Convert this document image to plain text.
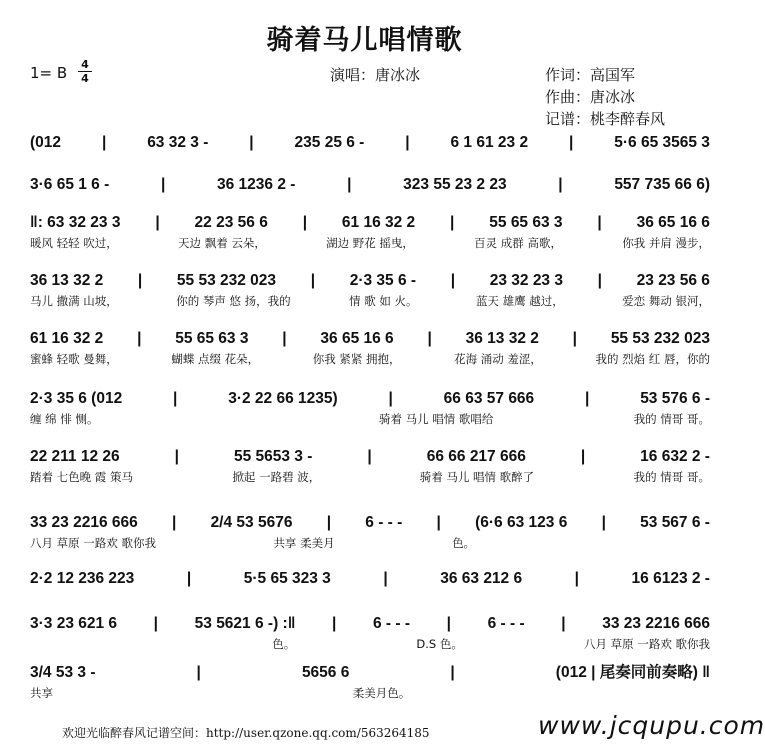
骑着马儿唱情歌
1= B 4
4	演唱：唐冰冰	作词：高国军
作曲：唐冰冰
记谱：桃李醉春风
(012	|	63 32 3 -	|	235 25 6 -	|	6 1 61 23 2	|	5·6 65 3565 3
3·6 65 1 6 -	|	36 1236 2 -	|	323 55 23 2 23	|	557 735 66 6)
‖: 63 32 23 3 | 22 23 56 6 | 61 16 32 2 | 55 65 63 3 | 36 65 16 6
暖风 轻轻 吹过，	天边 飘着 云朵，	湖边 野花 摇曳，	百灵 成群 高歌，	你我 并肩 漫步，
36 13 32 2 | 55 53 232 023 | 2·3 35 6 - | 23 32 23 3 | 23 23 56 6
马儿 撒满 山坡，	你的 琴声 悠 扬，我的	情 歌 如 火。	蓝天 雄鹰 越过，	爱恋 舞动 银河，
61 16 32 2 | 55 65 63 3 | 36 65 16 6 | 36 13 32 2 | 55 53 232 023
蜜蜂 轻歌 曼舞，	蝴蝶 点缀 花朵，	你我 紧紧 拥抱，	花海 涌动 羞涩，	我的 烈焰 红 唇，你的
2·3 35 6 (012	|	3·2 22 66 1235)	|	66 63 57 666	|	53 576 6 -
缠 绵 悱 恻。	骑着 马儿 唱情 歌唱给	我的 情哥 哥。
22 211 12 26	|	55 5653 3 -	|	66 66 217 666	|	16 632 2 -
踏着 七色晚 霞 策马	掀起 一路碧 波，	骑着 马儿 唱情 歌醉了	我的 情哥 哥。
33 23 2216 666 | 2/4 53 5676 | 6 - - - | (6·6 63 123 6 | 53 567 6 -
八月 草原 一路欢 歌你我	共享 柔美月	色。
2·2 12 236 223	|	5·5 65 323 3	|	36 63 212 6	|	16 6123 2 -
3·3 23 621 6 | 53 5621 6 -) :‖ | 6 - - - | 6 - - - | 33 23 2216 666
色。	D.S 色。	八月 草原 一路欢 歌你我
3/4 53 3 -	|	5656 6	|	(012 | 尾奏同前奏略) ‖
共享	柔美月色。
欢迎光临醉春风记谱空间：http://user.qzone.qq.com/563264185	www.jcqupu.com
